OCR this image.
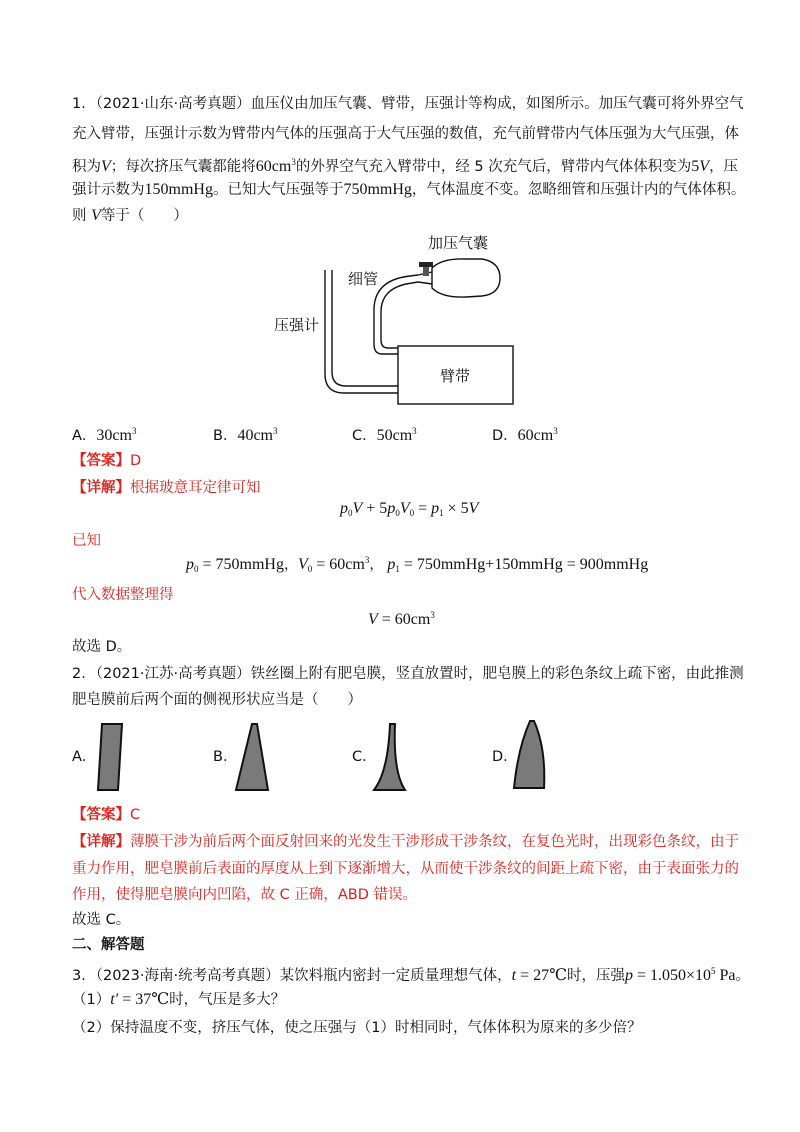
1．（2021·山东·高考真题）血压仪由加压气囊、臂带，压强计等构成，如图所示。加压气囊可将外界空气
充入臂带，压强计示数为臂带内气体的压强高于大气压强的数值，充气前臂带内气体压强为大气压强，体
积为V；每次挤压气囊都能将$60cm^3$的外界空气充入臂带中，经 5 次充气后，臂带内气体体积变为5V，压
强计示数为150mmHg。已知大气压强等于750mmHg，气体温度不变。忽略细管和压强计内的气体体积。
则 V等于（　　）
加压气囊
细管
压强计
臂带
A．$30cm^3$	B．$40cm^3$	C．$50cm^3$	D．$60cm^3$
【答案】D
【详解】根据玻意耳定律可知
$p_0V + 5p_0V_0 = p_1 \times 5V$
已知
$p_0$ = 750mmHg，$V_0 = 60cm^3$， $p_1$ = 750mmHg+150mmHg = 900mmHg
代入数据整理得
$V = 60cm^3$
故选 D。
2．（2021·江苏·高考真题）铁丝圈上附有肥皂膜，竖直放置时，肥皂膜上的彩色条纹上疏下密，由此推测
肥皂膜前后两个面的侧视形状应当是（　　）
A．	B．	C．	D．
【答案】C
【详解】薄膜干涉为前后两个面反射回来的光发生干涉形成干涉条纹，在复色光时，出现彩色条纹，由于
重力作用，肥皂膜前后表面的厚度从上到下逐渐增大，从而使干涉条纹的间距上疏下密，由于表面张力的
作用，使得肥皂膜向内凹陷，故 C 正确，ABD 错误。
故选 C。
二、解答题
3．（2023·海南·统考高考真题）某饮料瓶内密封一定质量理想气体，t = 27℃时，压强$p = 1.050\times 10^5$ Pa。
（1）t′ = 37℃时，气压是多大？
（2）保持温度不变，挤压气体，使之压强与（1）时相同时，气体体积为原来的多少倍？
